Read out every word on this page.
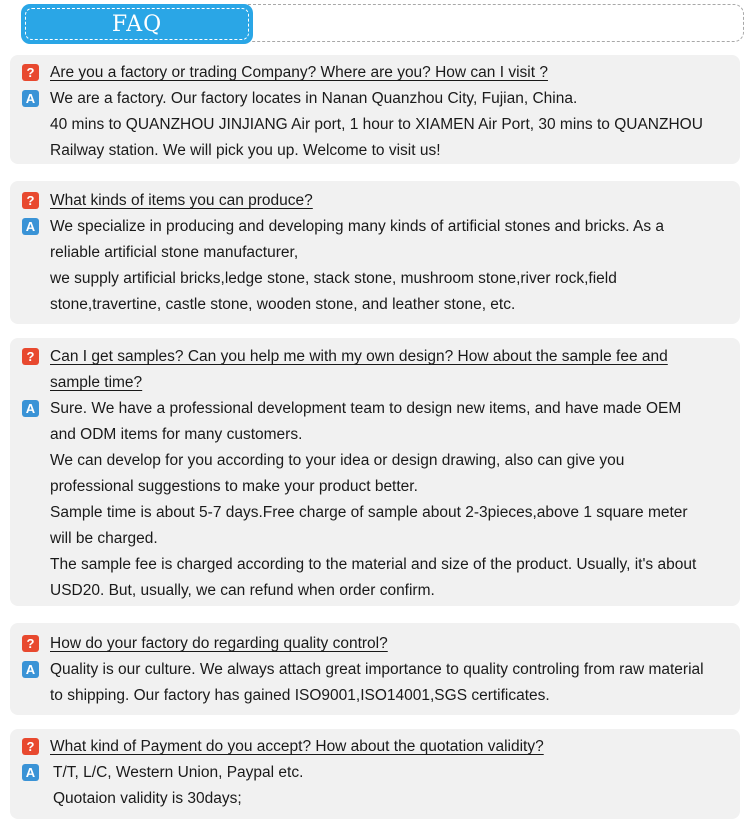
FAQ
? Are you a factory or trading Company? Where are you? How can I visit ?
A We are a factory. Our factory locates in Nanan Quanzhou City, Fujian, China.
40 mins to QUANZHOU JINJIANG Air port, 1 hour to XIAMEN Air Port, 30 mins to QUANZHOU
Railway station. We will pick you up. Welcome to visit us!
? What kinds of items you can produce?
A We specialize in producing and developing many kinds of artificial stones and bricks. As a
reliable artificial stone manufacturer,
we supply artificial bricks,ledge stone, stack stone, mushroom stone,river rock,field
stone,travertine, castle stone, wooden stone, and leather stone, etc.
? Can I get samples? Can you help me with my own design? How about the sample fee and
sample time?
A Sure. We have a professional development team to design new items, and have made OEM
and ODM items for many customers.
We can develop for you according to your idea or design drawing, also can give you
professional suggestions to make your product better.
Sample time is about 5-7 days.Free charge of sample about 2-3pieces,above 1 square meter
will be charged.
The sample fee is charged according to the material and size of the product. Usually, it's about
USD20. But, usually, we can refund when order confirm.
? How do your factory do regarding quality control?
A Quality is our culture. We always attach great importance to quality controling from raw material
to shipping. Our factory has gained ISO9001,ISO14001,SGS certificates.
? What kind of Payment do you accept? How about the quotation validity?
A T/T, L/C, Western Union, Paypal etc.
Quotaion validity is 30days;
